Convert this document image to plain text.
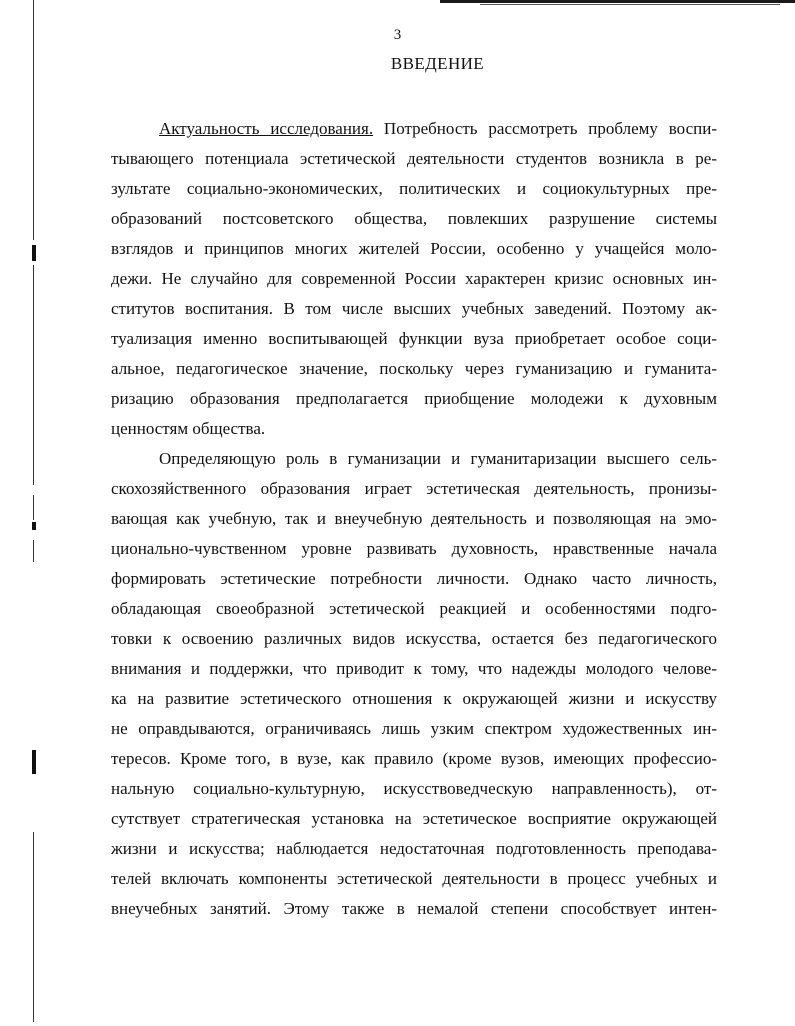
3
ВВЕДЕНИЕ
Актуальность исследования. Потребность рассмотреть проблему воспи-
тывающего потенциала эстетической деятельности студентов возникла в ре-
зультате социально-экономических, политических и социокультурных пре-
образований постсоветского общества, повлекших разрушение системы
взглядов и принципов многих жителей России, особенно у учащейся моло-
дежи. Не случайно для современной России характерен кризис основных ин-
ститутов воспитания. В том числе высших учебных заведений. Поэтому ак-
туализация именно воспитывающей функции вуза приобретает особое соци-
альное, педагогическое значение, поскольку через гуманизацию и гуманита-
ризацию образования предполагается приобщение молодежи к духовным
ценностям общества.
Определяющую роль в гуманизации и гуманитаризации высшего сель-
скохозяйственного образования играет эстетическая деятельность, пронизы-
вающая как учебную, так и внеучебную деятельность и позволяющая на эмо-
ционально-чувственном уровне развивать духовность, нравственные начала
формировать эстетические потребности личности. Однако часто личность,
обладающая своеобразной эстетической реакцией и особенностями подго-
товки к освоению различных видов искусства, остается без педагогического
внимания и поддержки, что приводит к тому, что надежды молодого челове-
ка на развитие эстетического отношения к окружающей жизни и искусству
не оправдываются, ограничиваясь лишь узким спектром художественных ин-
тересов. Кроме того, в вузе, как правило (кроме вузов, имеющих профессио-
нальную социально-культурную, искусствоведческую направленность), от-
сутствует стратегическая установка на эстетическое восприятие окружающей
жизни и искусства; наблюдается недостаточная подготовленность преподава-
телей включать компоненты эстетической деятельности в процесс учебных и
внеучебных занятий. Этому также в немалой степени способствует интен-
